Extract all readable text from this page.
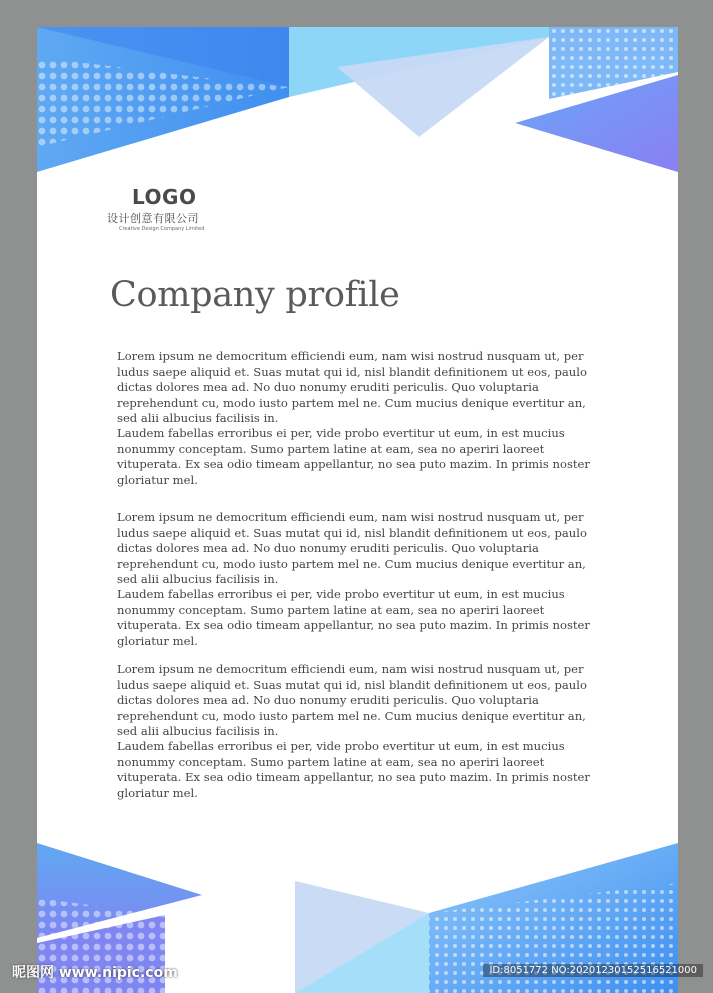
LOGO
设计创意有限公司
Creative Design Company Limited
Company profile

Lorem ipsum ne democritum efficiendi eum, nam wisi nostrud nusquam ut, per ludus saepe aliquid et. Suas mutat qui id, nisl blandit definitionem ut eos, paulo dictas dolores mea ad. No duo nonumy eruditi periculis. Quo voluptaria reprehendunt cu, modo iusto partem mel ne. Cum mucius denique evertitur an, sed alii albucius facilisis in.

Laudem fabellas erroribus ei per, vide probo evertitur ut eum, in est mucius nonummy conceptam. Sumo partem latine at eam, sea no aperiri laoreet vituperata. Ex sea odio timeam appellantur, no sea puto mazim. In primis noster gloriatur mel.

Lorem ipsum ne democritum efficiendi eum, nam wisi nostrud nusquam ut, per ludus saepe aliquid et. Suas mutat qui id, nisl blandit definitionem ut eos, paulo dictas dolores mea ad. No duo nonumy eruditi periculis. Quo voluptaria reprehendunt cu, modo iusto partem mel ne. Cum mucius denique evertitur an, sed alii albucius facilisis in.

Laudem fabellas erroribus ei per, vide probo evertitur ut eum, in est mucius nonummy conceptam. Sumo partem latine at eam, sea no aperiri laoreet vituperata. Ex sea odio timeam appellantur, no sea puto mazim. In primis noster gloriatur mel.

Lorem ipsum ne democritum efficiendi eum, nam wisi nostrud nusquam ut, per ludus saepe aliquid et. Suas mutat qui id, nisl blandit definitionem ut eos, paulo dictas dolores mea ad. No duo nonumy eruditi periculis. Quo voluptaria reprehendunt cu, modo iusto partem mel ne. Cum mucius denique evertitur an, sed alii albucius facilisis in.

Laudem fabellas erroribus ei per, vide probo evertitur ut eum, in est mucius nonummy conceptam. Sumo partem latine at eam, sea no aperiri laoreet vituperata. Ex sea odio timeam appellantur, no sea puto mazim. In primis noster gloriatur mel.

昵图网 www.nipic.com	ID:8051772 NO:20201230152516521000
